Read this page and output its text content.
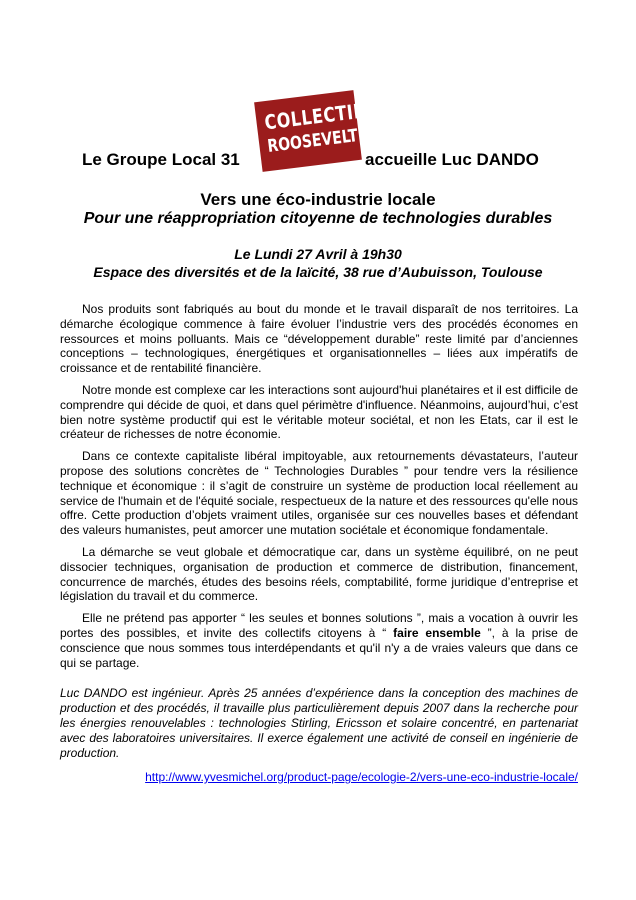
COLLECTIF
ROOSEVELT
Le Groupe Local 31	accueille Luc DANDO
Vers une éco-industrie locale
Pour une réappropriation citoyenne de technologies durables
Le Lundi 27 Avril à 19h30
Espace des diversités et de la laïcité, 38 rue d’Aubuisson, Toulouse

Nos produits sont fabriqués au bout du monde et le travail disparaît de nos territoires. La démarche écologique commence à faire évoluer l’industrie vers des procédés économes en ressources et moins polluants. Mais ce “développement durable” reste limité par d’anciennes conceptions – technologiques, énergétiques et organisationnelles – liées aux impératifs de croissance et de rentabilité financière.

Notre monde est complexe car les interactions sont aujourd'hui planétaires et il est difficile de comprendre qui décide de quoi, et dans quel périmètre d'influence. Néanmoins, aujourd’hui, c’est bien notre système productif qui est le véritable moteur sociétal, et non les Etats, car il est le créateur de richesses de notre économie.

Dans ce contexte capitaliste libéral impitoyable, aux retournements dévastateurs, l’auteur propose des solutions concrètes de “ Technologies Durables ” pour tendre vers la résilience technique et économique : il s’agit de construire un système de production local réellement au service de l'humain et de l'équité sociale, respectueux de la nature et des ressources qu'elle nous offre. Cette production d’objets vraiment utiles, organisée sur ces nouvelles bases et défendant des valeurs humanistes, peut amorcer une mutation sociétale et économique fondamentale.

La démarche se veut globale et démocratique car, dans un système équilibré, on ne peut dissocier techniques, organisation de production et commerce de distribution, financement, concurrence de marchés, études des besoins réels, comptabilité, forme juridique d’entreprise et législation du travail et du commerce.

Elle ne prétend pas apporter “ les seules et bonnes solutions ”, mais a vocation à ouvrir les portes des possibles, et invite des collectifs citoyens à “ faire ensemble ”, à la prise de conscience que nous sommes tous interdépendants et qu'il n'y a de vraies valeurs que dans ce qui se partage.

Luc DANDO est ingénieur. Après 25 années d’expérience dans la conception des machines de production et des procédés, il travaille plus particulièrement depuis 2007 dans la recherche pour les énergies renouvelables : technologies Stirling, Ericsson et solaire concentré, en partenariat avec des laboratoires universitaires. Il exerce également une activité de conseil en ingénierie de production.
http://www.yvesmichel.org/product-page/ecologie-2/vers-une-eco-industrie-locale/
